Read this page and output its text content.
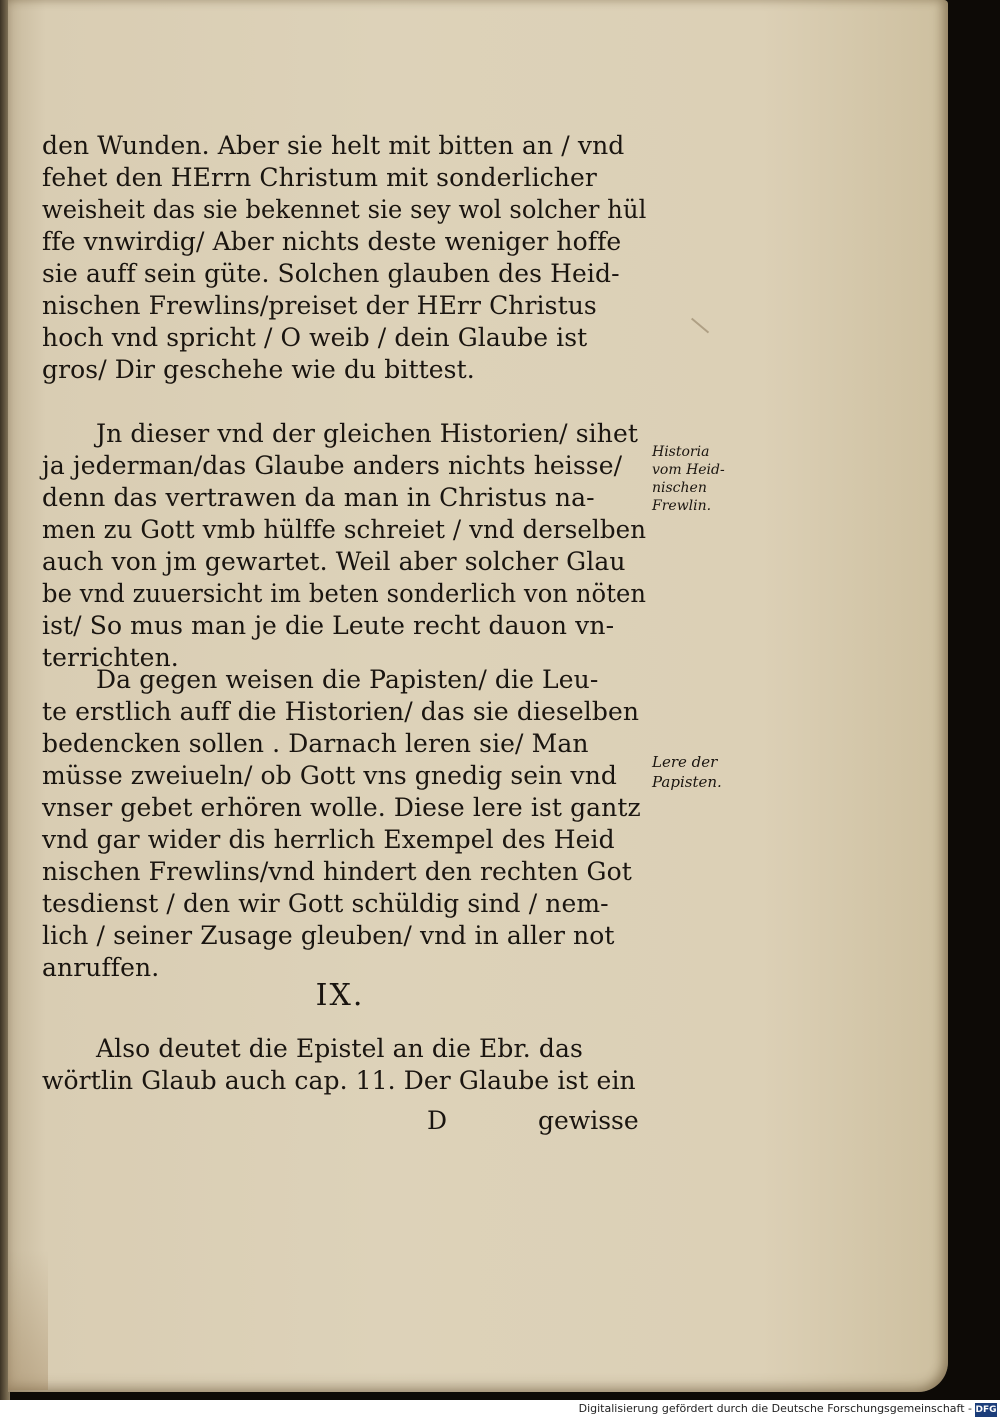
den Wunden. Aber sie helt mit bitten an / vnd
fehet den HErrn Christum mit sonderlicher
weisheit das sie bekennet sie sey wol solcher hül
ffe vnwirdig/ Aber nichts deste weniger hoffe
sie auff sein güte. Solchen glauben des Heid-
nischen Frewlins/preiset der HErr Christus
hoch vnd spricht / O weib / dein Glaube ist
gros/ Dir geschehe wie du bittest.
Jn dieser vnd der gleichen Historien/ sihet
ja jederman/das Glaube anders nichts heisse/
denn das vertrawen da man in Christus na-
men zu Gott vmb hülffe schreiet / vnd derselben
auch von jm gewartet. Weil aber solcher Glau
be vnd zuuersicht im beten sonderlich von nöten
ist/ So mus man je die Leute recht dauon vn-
terrichten.
Da gegen weisen die Papisten/ die Leu-
te erstlich auff die Historien/ das sie dieselben
bedencken sollen . Darnach leren sie/ Man
müsse zweiueln/ ob Gott vns gnedig sein vnd
vnser gebet erhören wolle. Diese lere ist gantz
vnd gar wider dis herrlich Exempel des Heid
nischen Frewlins/vnd hindert den rechten Got
tesdienst / den wir Gott schüldig sind / nem-
lich / seiner Zusage gleuben/ vnd in aller not
anruffen.
IX.
Also deutet die Epistel an die Ebr. das
wörtlin Glaub auch cap. 11. Der Glaube ist ein
D	gewisse
Historia
vom Heid-
nischen
Frewlin.
Lere der
Papisten.
Digitalisierung gefördert durch die Deutsche Forschungsgemeinschaft - DFG
